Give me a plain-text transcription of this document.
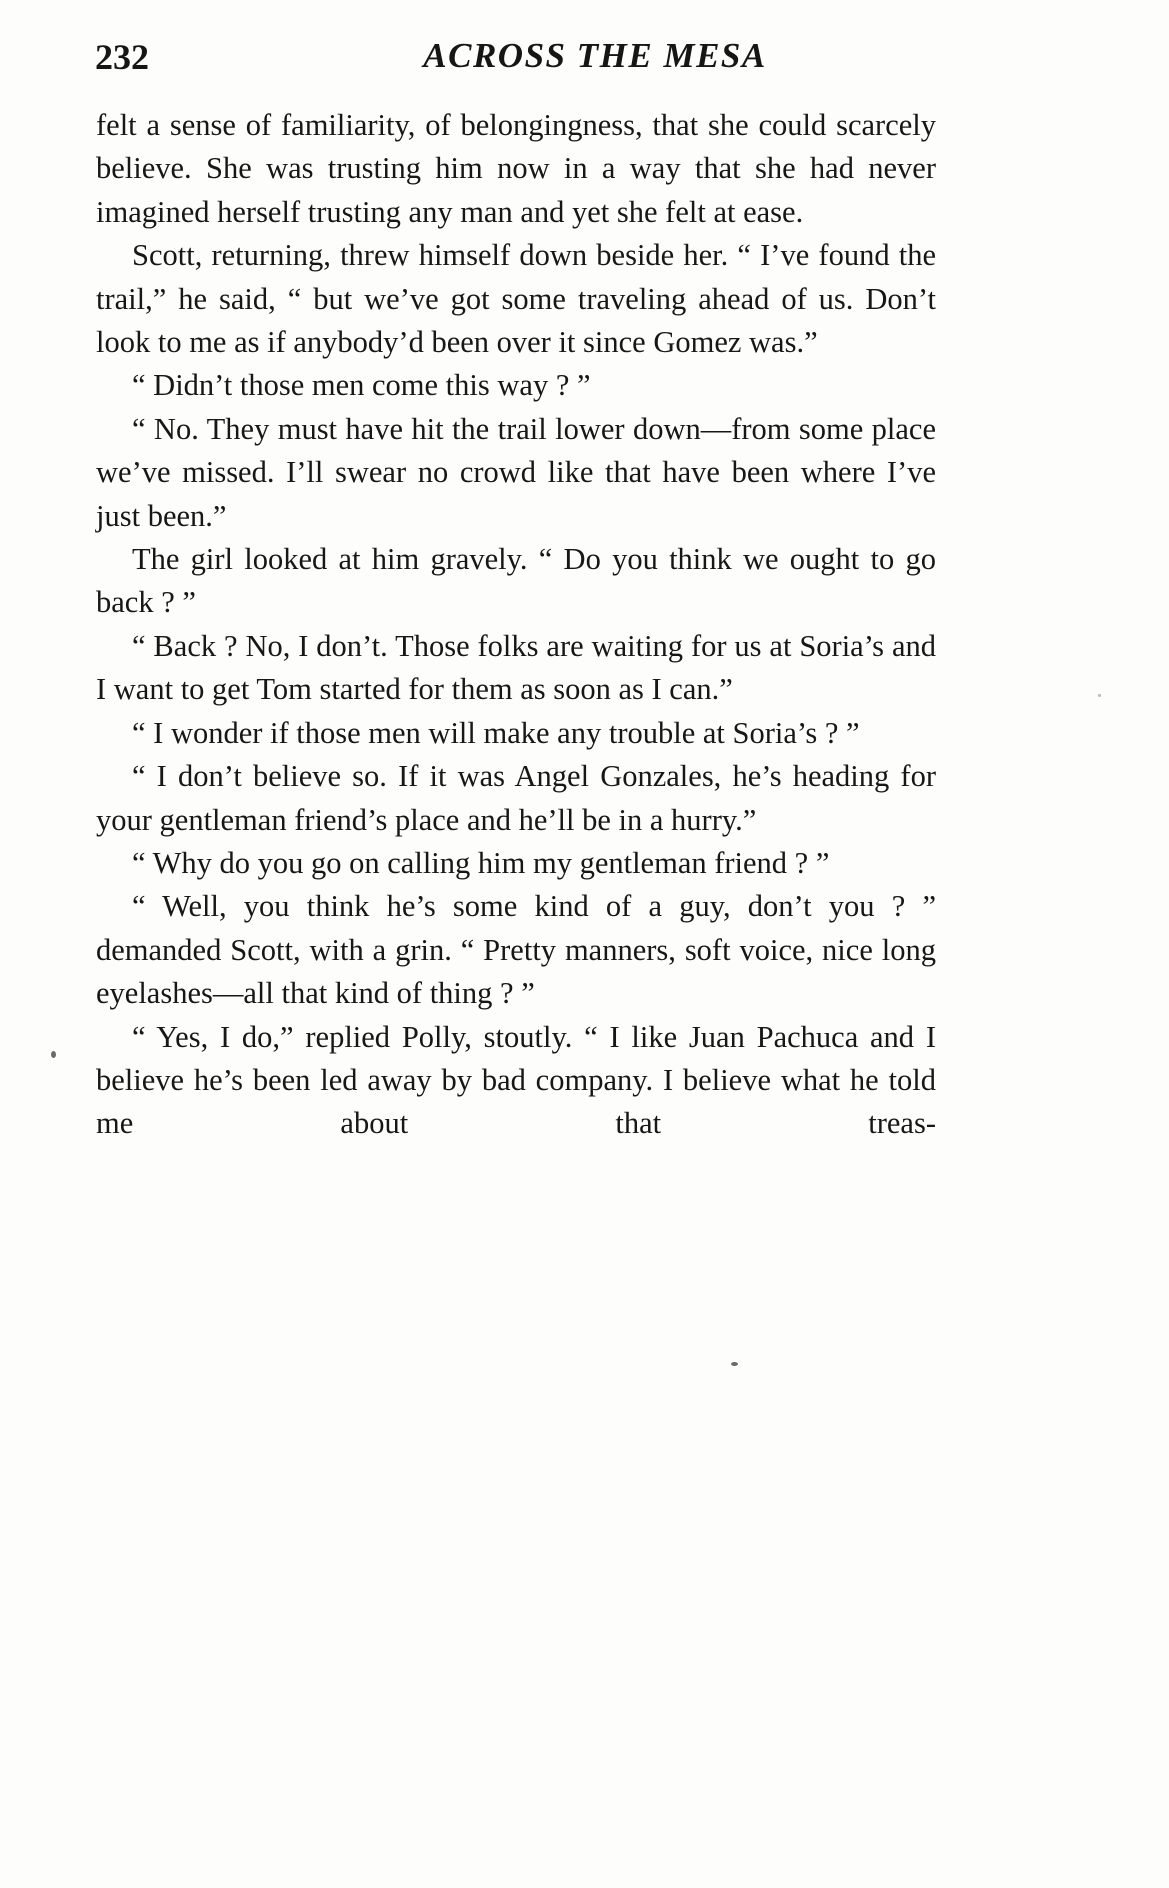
232	ACROSS THE MESA

felt a sense of familiarity, of belongingness, that she could scarcely believe. She was trusting him now in a way that she had never imagined herself trusting any man and yet she felt at ease.

Scott, returning, threw himself down beside her. “ I’ve found the trail,” he said, “ but we’ve got some traveling ahead of us. Don’t look to me as if anybody’d been over it since Gomez was.”

“ Didn’t those men come this way ? ”

“ No. They must have hit the trail lower down—from some place we’ve missed. I’ll swear no crowd like that have been where I’ve just been.”

The girl looked at him gravely. “ Do you think we ought to go back ? ”

“ Back ? No, I don’t. Those folks are waiting for us at Soria’s and I want to get Tom started for them as soon as I can.”

“ I wonder if those men will make any trouble at Soria’s ? ”

“ I don’t believe so. If it was Angel Gonzales, he’s heading for your gentleman friend’s place and he’ll be in a hurry.”

“ Why do you go on calling him my gentleman friend ? ”

“ Well, you think he’s some kind of a guy, don’t you ? ” demanded Scott, with a grin. “ Pretty manners, soft voice, nice long eyelashes—all that kind of thing ? ”

“ Yes, I do,” replied Polly, stoutly. “ I like Juan Pachuca and I believe he’s been led away by bad company. I believe what he told me about that treas-
